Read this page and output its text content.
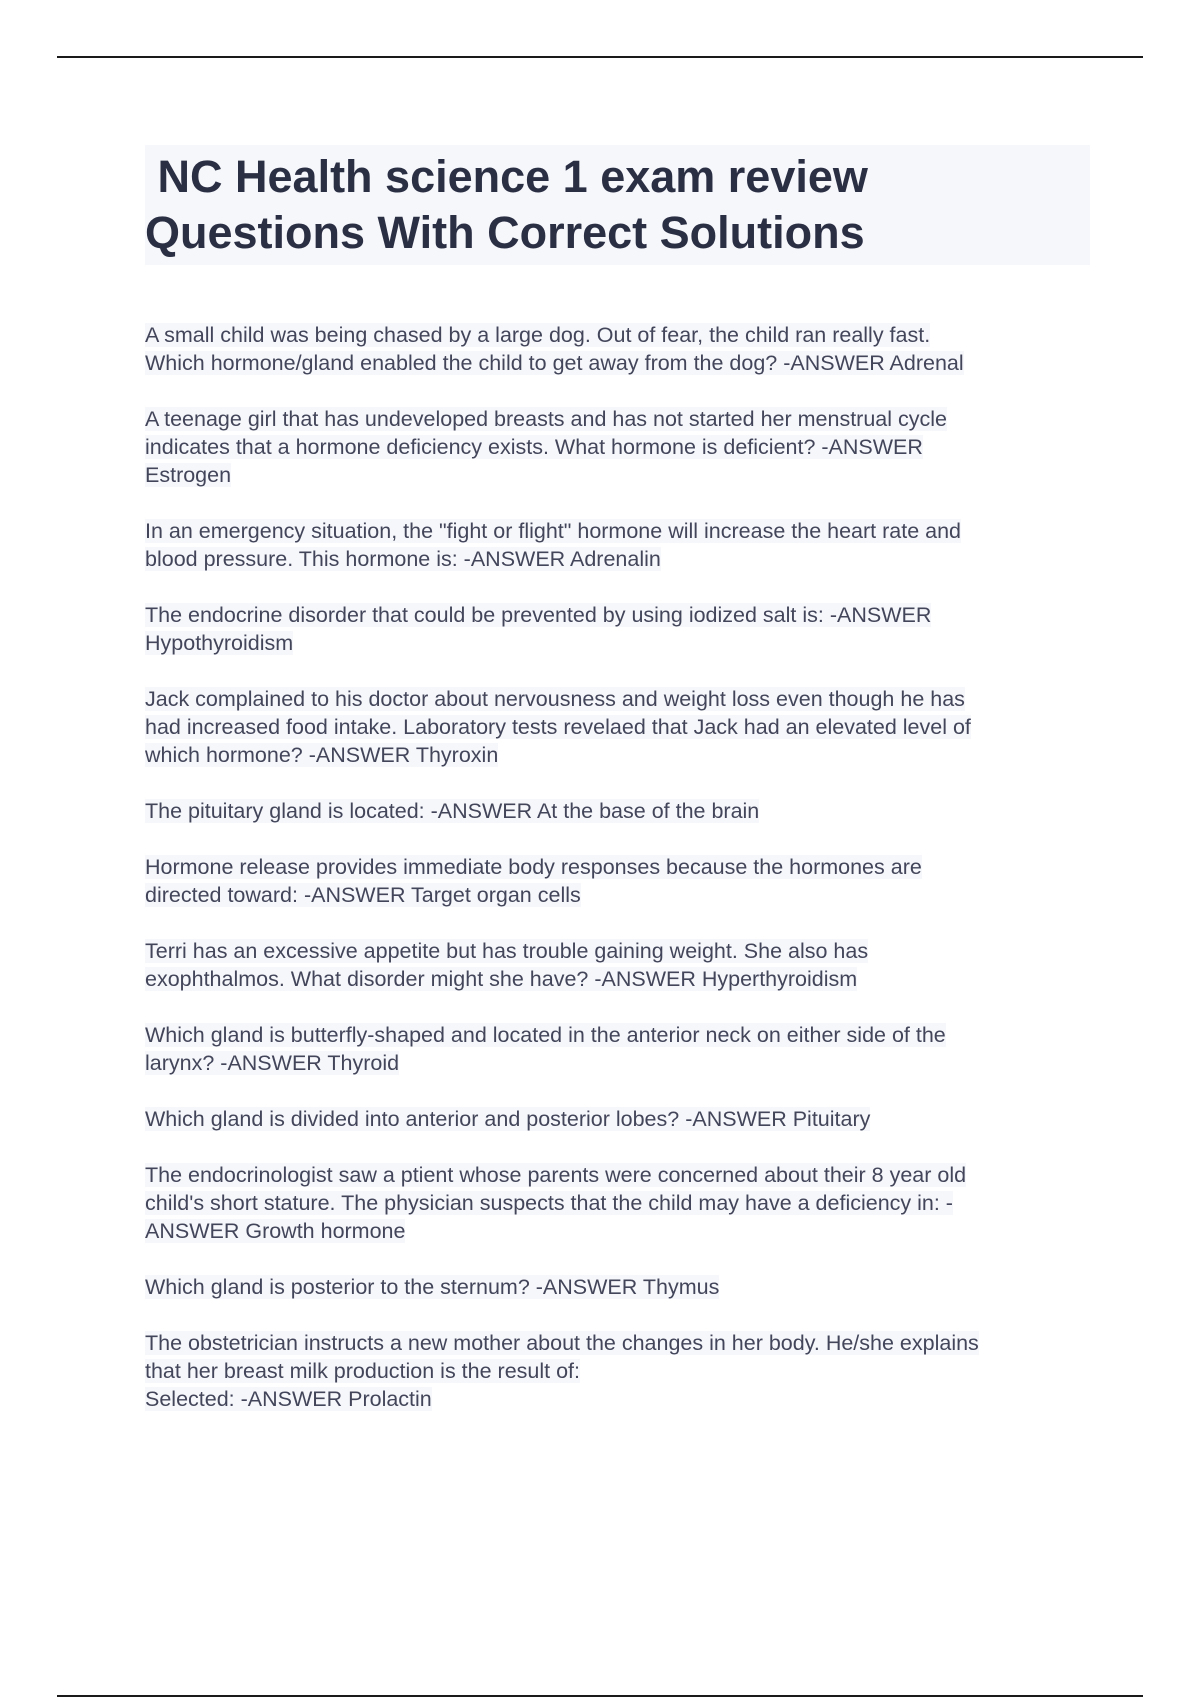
NC Health science 1 exam review
Questions With Correct Solutions

A small child was being chased by a large dog. Out of fear, the child ran really fast.
Which hormone/gland enabled the child to get away from the dog? -ANSWER Adrenal

A teenage girl that has undeveloped breasts and has not started her menstrual cycle
indicates that a hormone deficiency exists. What hormone is deficient? -ANSWER
Estrogen

In an emergency situation, the "fight or flight" hormone will increase the heart rate and
blood pressure. This hormone is: -ANSWER Adrenalin

The endocrine disorder that could be prevented by using iodized salt is: -ANSWER
Hypothyroidism

Jack complained to his doctor about nervousness and weight loss even though he has
had increased food intake. Laboratory tests revelaed that Jack had an elevated level of
which hormone? -ANSWER Thyroxin

The pituitary gland is located: -ANSWER At the base of the brain

Hormone release provides immediate body responses because the hormones are
directed toward: -ANSWER Target organ cells

Terri has an excessive appetite but has trouble gaining weight. She also has
exophthalmos. What disorder might she have? -ANSWER Hyperthyroidism

Which gland is butterfly-shaped and located in the anterior neck on either side of the
larynx? -ANSWER Thyroid

Which gland is divided into anterior and posterior lobes? -ANSWER Pituitary

The endocrinologist saw a ptient whose parents were concerned about their 8 year old
child's short stature. The physician suspects that the child may have a deficiency in: -
ANSWER Growth hormone

Which gland is posterior to the sternum? -ANSWER Thymus

The obstetrician instructs a new mother about the changes in her body. He/she explains
that her breast milk production is the result of:
Selected: -ANSWER Prolactin
